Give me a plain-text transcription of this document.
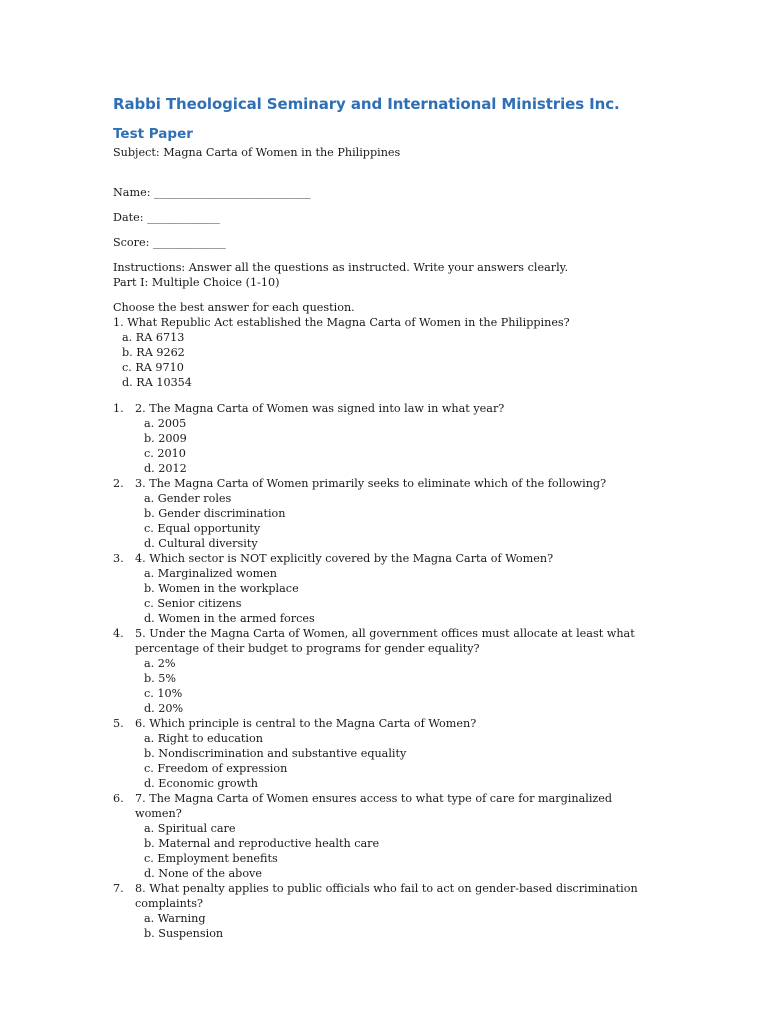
Rabbi Theological Seminary and International Ministries Inc.
Test Paper
Subject: Magna Carta of Women in the Philippines
Name: ____________________________
Date: _____________
Score: _____________
Instructions: Answer all the questions as instructed. Write your answers clearly.
Part I: Multiple Choice (1-10)
Choose the best answer for each question.
1. What Republic Act established the Magna Carta of Women in the Philippines?
a. RA 6713
b. RA 9262
c. RA 9710
d. RA 10354
1. 2. The Magna Carta of Women was signed into law in what year?
a. 2005
b. 2009
c. 2010
d. 2012
2. 3. The Magna Carta of Women primarily seeks to eliminate which of the following?
a. Gender roles
b. Gender discrimination
c. Equal opportunity
d. Cultural diversity
3. 4. Which sector is NOT explicitly covered by the Magna Carta of Women?
a. Marginalized women
b. Women in the workplace
c. Senior citizens
d. Women in the armed forces
4. 5. Under the Magna Carta of Women, all government offices must allocate at least what
percentage of their budget to programs for gender equality?
a. 2%
b. 5%
c. 10%
d. 20%
5. 6. Which principle is central to the Magna Carta of Women?
a. Right to education
b. Nondiscrimination and substantive equality
c. Freedom of expression
d. Economic growth
6. 7. The Magna Carta of Women ensures access to what type of care for marginalized
women?
a. Spiritual care
b. Maternal and reproductive health care
c. Employment benefits
d. None of the above
7. 8. What penalty applies to public officials who fail to act on gender-based discrimination
complaints?
a. Warning
b. Suspension
